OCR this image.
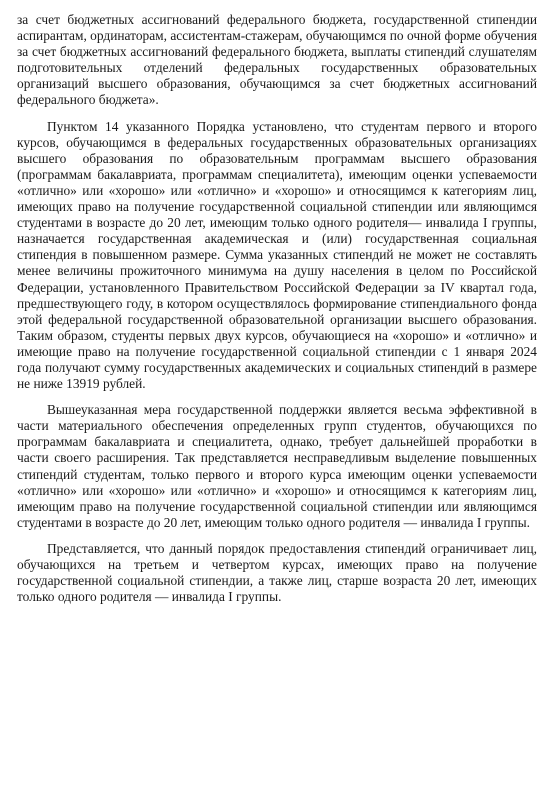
за счет бюджетных ассигнований федерального бюджета, государственной стипендии аспирантам, ординаторам, ассистентам-стажерам, обучающимся по очной форме обучения за счет бюджетных ассигнований федерального бюджета, выплаты стипендий слушателям подготовительных отделений федеральных государственных образовательных организаций высшего образования, обучающимся за счет бюджетных ассигнований федерального бюджета».

Пунктом 14 указанного Порядка установлено, что студентам первого и второго курсов, обучающимся в федеральных государственных образовательных организациях высшего образования по образовательным программам высшего образования (программам бакалавриата, программам специалитета), имеющим оценки успеваемости «отлично» или «хорошо» или «отлично» и «хорошо» и относящимся к категориям лиц, имеющих право на получение государственной социальной стипендии или являющимся студентами в возрасте до 20 лет, имеющим только одного родителя— инвалида I группы, назначается государственная академическая и (или) государственная социальная стипендия в повышенном размере. Сумма указанных стипендий не может не составлять менее величины прожиточного минимума на душу населения в целом по Российской Федерации, установленного Правительством Российской Федерации за IV квартал года, предшествующего году, в котором осуществлялось формирование стипендиального фонда этой федеральной государственной образовательной организации высшего образования. Таким образом, студенты первых двух курсов, обучающиеся на «хорошо» и «отлично» и имеющие право на получение государственной социальной стипендии с 1 января 2024 года получают сумму государственных академических и социальных стипендий в размере не ниже 13919 рублей.

Вышеуказанная мера государственной поддержки является весьма эффективной в части материального обеспечения определенных групп студентов, обучающихся по программам бакалавриата и специалитета, однако, требует дальнейшей проработки в части своего расширения. Так представляется несправедливым выделение повышенных стипендий студентам, только первого и второго курса имеющим оценки успеваемости «отлично» или «хорошо» или «отлично» и «хорошо» и относящимся к категориям лиц, имеющим право на получение государственной социальной стипендии или являющимся студентами в возрасте до 20 лет, имеющим только одного родителя — инвалида I группы.

Представляется, что данный порядок предоставления стипендий ограничивает лиц, обучающихся на третьем и четвертом курсах, имеющих право на получение государственной социальной стипендии, а также лиц, старше возраста 20 лет, имеющих только одного родителя — инвалида I группы.
